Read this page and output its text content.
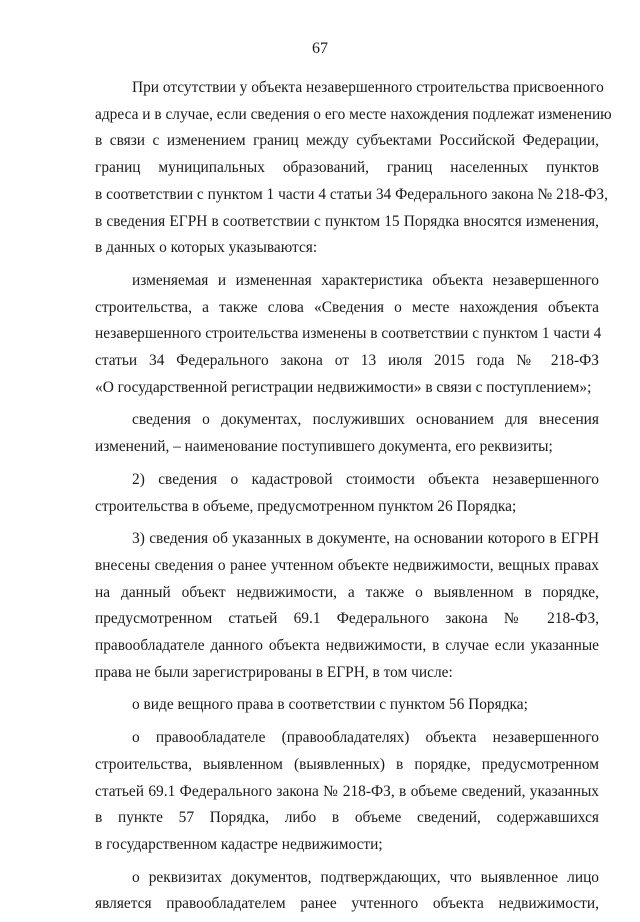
67

При отсутствии у объекта незавершенного строительства присвоенного
адреса и в случае, если сведения о его месте нахождения подлежат изменению
в связи с изменением границ между субъектами Российской Федерации,
границ муниципальных образований, границ населенных пунктов
в соответствии с пунктом 1 части 4 статьи 34 Федерального закона № 218-ФЗ,
в сведения ЕГРН в соответствии с пунктом 15 Порядка вносятся изменения,
в данных о которых указываются:

изменяемая и измененная характеристика объекта незавершенного
строительства, а также слова «Сведения о месте нахождения объекта
незавершенного строительства изменены в соответствии с пунктом 1 части 4
статьи 34 Федерального закона от 13 июля 2015 года № 218-ФЗ
«О государственной регистрации недвижимости» в связи с поступлением»;

сведения о документах, послуживших основанием для внесения
изменений, – наименование поступившего документа, его реквизиты;

2) сведения о кадастровой стоимости объекта незавершенного
строительства в объеме, предусмотренном пунктом 26 Порядка;

3) сведения об указанных в документе, на основании которого в ЕГРН
внесены сведения о ранее учтенном объекте недвижимости, вещных правах
на данный объект недвижимости, а также о выявленном в порядке,
предусмотренном статьей 69.1 Федерального закона № 218-ФЗ,
правообладателе данного объекта недвижимости, в случае если указанные
права не были зарегистрированы в ЕГРН, в том числе:

о виде вещного права в соответствии с пунктом 56 Порядка;

о правообладателе (правообладателях) объекта незавершенного
строительства, выявленном (выявленных) в порядке, предусмотренном
статьей 69.1 Федерального закона № 218-ФЗ, в объеме сведений, указанных
в пункте 57 Порядка, либо в объеме сведений, содержавшихся
в государственном кадастре недвижимости;

о реквизитах документов, подтверждающих, что выявленное лицо
является правообладателем ранее учтенного объекта недвижимости,
